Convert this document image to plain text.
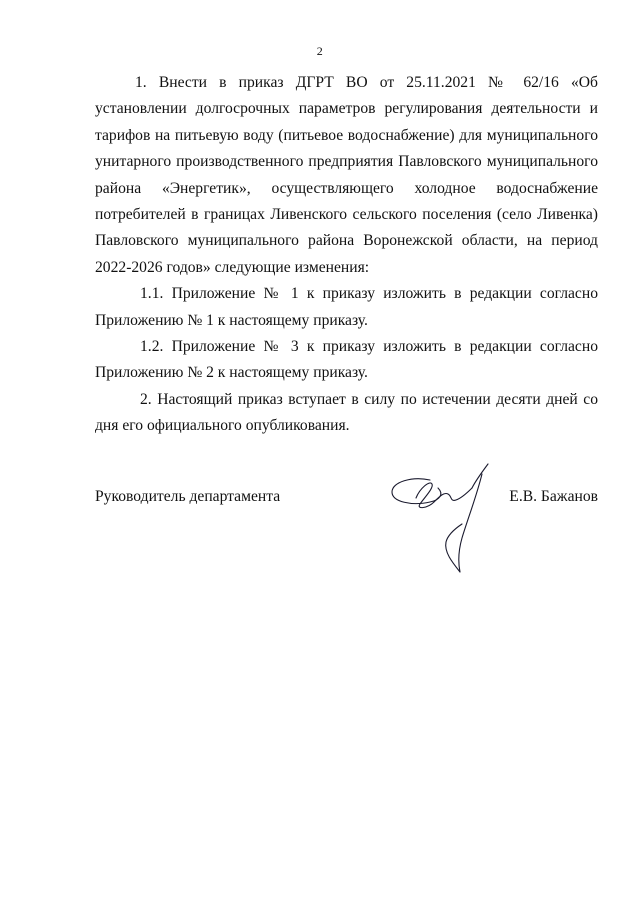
2

1. Внести в приказ ДГРТ ВО от 25.11.2021 № 62/16 «Об установлении долгосрочных параметров регулирования деятельности и тарифов на питьевую воду (питьевое водоснабжение) для муниципального унитарного производственного предприятия Павловского муниципального района «Энергетик», осуществляющего холодное водоснабжение потребителей в границах Ливенского сельского поселения (село Ливенка) Павловского муниципального района Воронежской области, на период 2022-2026 годов» следующие изменения:

1.1. Приложение № 1 к приказу изложить в редакции согласно Приложению № 1 к настоящему приказу.

1.2. Приложение № 3 к приказу изложить в редакции согласно Приложению № 2 к настоящему приказу.

2. Настоящий приказ вступает в силу по истечении десяти дней со дня его официального опубликования.

Руководитель департамента	Е.В. Бажанов
